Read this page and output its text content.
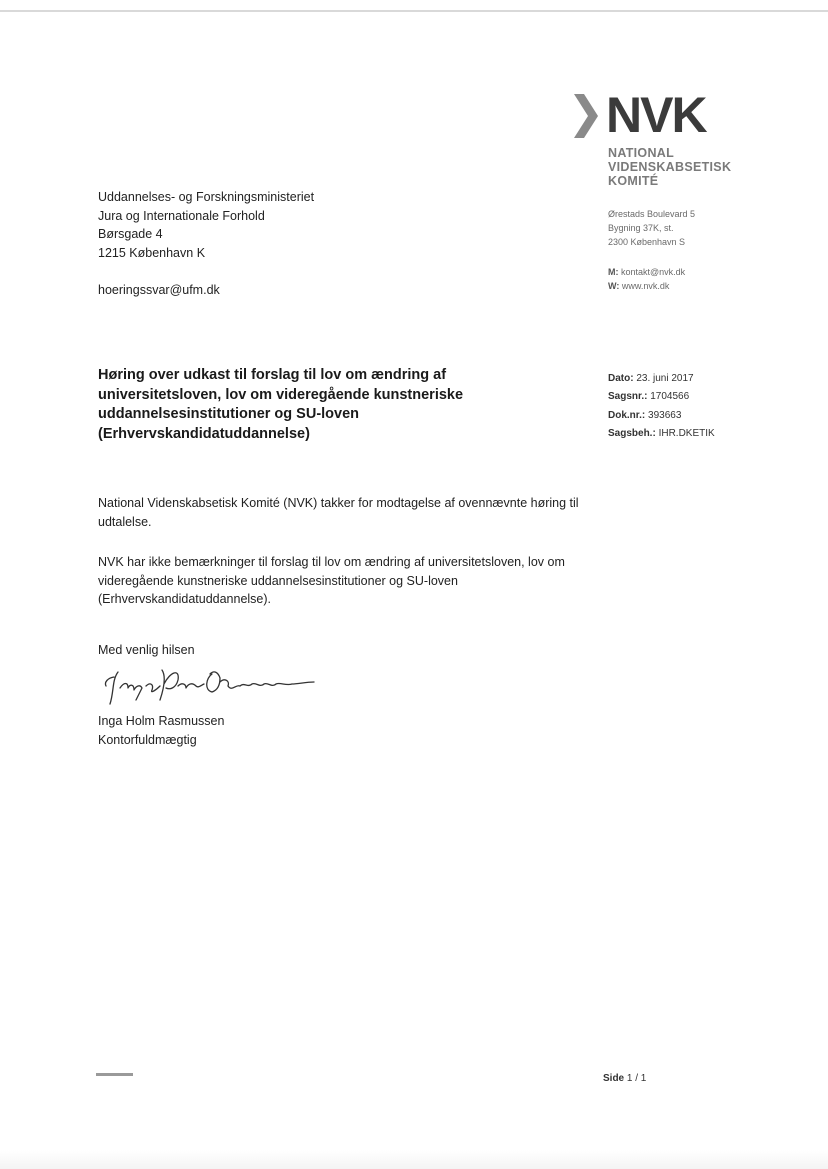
NVK
NATIONAL
VIDENSKABSETISK
KOMITÉ
Ørestads Boulevard 5
Bygning 37K, st.
2300 København S
M: kontakt@nvk.dk
W: www.nvk.dk
Uddannelses- og Forskningsministeriet
Jura og Internationale Forhold
Børsgade 4
1215 København K
hoeringssvar@ufm.dk
Høring over udkast til forslag til lov om ændring af universitetsloven, lov om videregående kunstneriske uddannelsesinstitutioner og SU-loven (Erhvervskandidatuddannelse)
Dato: 23. juni 2017
Sagsnr.: 1704566
Dok.nr.: 393663
Sagsbeh.: IHR.DKETIK
National Videnskabsetisk Komité (NVK) takker for modtagelse af ovennævnte høring til udtalelse.
NVK har ikke bemærkninger til forslag til lov om ændring af universitetsloven, lov om videregående kunstneriske uddannelsesinstitutioner og SU-loven (Erhvervskandidatuddannelse).
Med venlig hilsen
Inga Holm Rasmussen
Kontorfuldmægtig
Side 1 / 1
